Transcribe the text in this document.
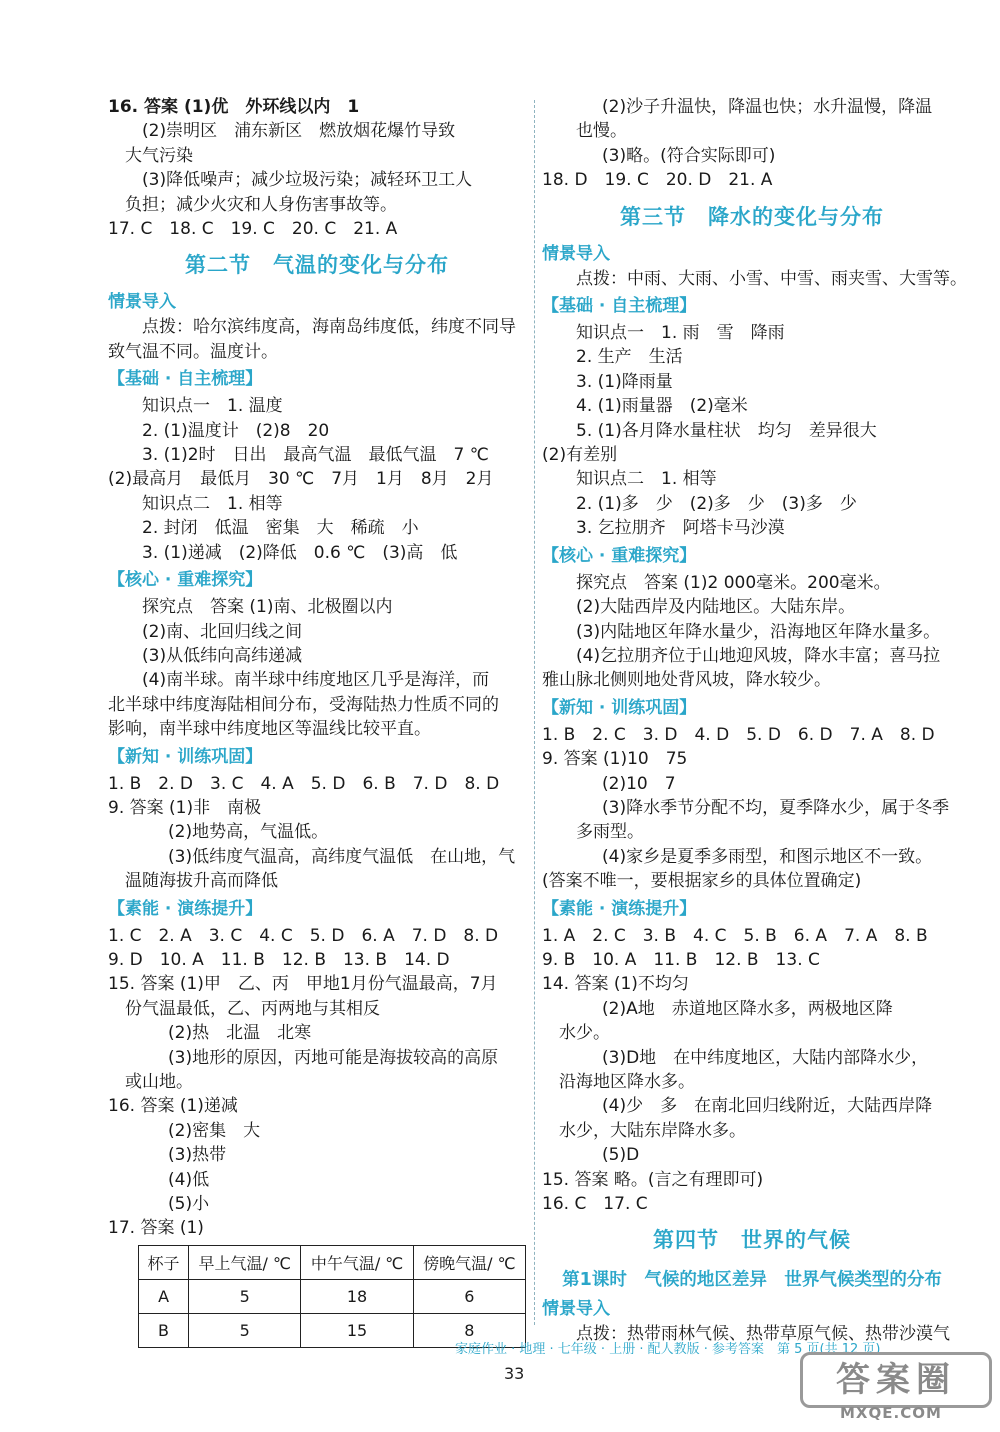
16. 答案 (1)优　外环线以内　1
(2)崇明区　浦东新区　燃放烟花爆竹导致
　大气污染
(3)降低噪声；减少垃圾污染；减轻环卫工人
　负担；减少火灾和人身伤害事故等。
17. C　18. C　19. C　20. C　21. A
第二节　气温的变化与分布
情景导入
点拨：哈尔滨纬度高，海南岛纬度低，纬度不同导
致气温不同。温度计。
【基础 · 自主梳理】
知识点一　1. 温度
2. (1)温度计　(2)8　20
3. (1)2时　日出　最高气温　最低气温　7 ℃
(2)最高月　最低月　30 ℃　7月　1月　8月　2月
知识点二　1. 相等
2. 封闭　低温　密集　大　稀疏　小
3. (1)递减　(2)降低　0.6 ℃　(3)高　低
【核心 · 重难探究】
探究点　答案 (1)南、北极圈以内
(2)南、北回归线之间
(3)从低纬向高纬递减
(4)南半球。南半球中纬度地区几乎是海洋，而
北半球中纬度海陆相间分布，受海陆热力性质不同的
影响，南半球中纬度地区等温线比较平直。
【新知 · 训练巩固】
1. B　2. D　3. C　4. A　5. D　6. B　7. D　8. D
9. 答案 (1)非　南极
(2)地势高，气温低。
(3)低纬度气温高，高纬度气温低　在山地，气
　温随海拔升高而降低
【素能 · 演练提升】
1. C　2. A　3. C　4. C　5. D　6. A　7. D　8. D
9. D　10. A　11. B　12. B　13. B　14. D
15. 答案 (1)甲　乙、丙　甲地1月份气温最高，7月
　份气温最低，乙、丙两地与其相反
(2)热　北温　北寒
(3)地形的原因，丙地可能是海拔较高的高原
　或山地。
16. 答案 (1)递减
(2)密集　大
(3)热带
(4)低
(5)小
17. 答案 (1)
杯子	早上气温/ ℃	中午气温/ ℃	傍晚气温/ ℃
A	5	18	6
B	5	15	8
(2)沙子升温快，降温也快；水升温慢，降温
　　也慢。
(3)略。(符合实际即可)
18. D　19. C　20. D　21. A
第三节　降水的变化与分布
情景导入
点拨：中雨、大雨、小雪、中雪、雨夹雪、大雪等。
【基础 · 自主梳理】
知识点一　1. 雨　雪　降雨
2. 生产　生活
3. (1)降雨量
4. (1)雨量器　(2)毫米
5. (1)各月降水量柱状　均匀　差异很大
(2)有差别
知识点二　1. 相等
2. (1)多　少　(2)多　少　(3)多　少
3. 乞拉朋齐　阿塔卡马沙漠
【核心 · 重难探究】
探究点　答案 (1)2 000毫米。200毫米。
(2)大陆西岸及内陆地区。大陆东岸。
(3)内陆地区年降水量少，沿海地区年降水量多。
(4)乞拉朋齐位于山地迎风坡，降水丰富；喜马拉
雅山脉北侧则地处背风坡，降水较少。
【新知 · 训练巩固】
1. B　2. C　3. D　4. D　5. D　6. D　7. A　8. D
9. 答案 (1)10　75
(2)10　7
(3)降水季节分配不均，夏季降水少，属于冬季
　　多雨型。
(4)家乡是夏季多雨型，和图示地区不一致。
(答案不唯一，要根据家乡的具体位置确定)
【素能 · 演练提升】
1. A　2. C　3. B　4. C　5. B　6. A　7. A　8. B
9. B　10. A　11. B　12. B　13. C
14. 答案 (1)不均匀
(2)A地　赤道地区降水多，两极地区降
　水少。
(3)D地　在中纬度地区，大陆内部降水少，
　沿海地区降水多。
(4)少　多　在南北回归线附近，大陆西岸降
　水少，大陆东岸降水多。
(5)D
15. 答案 略。(言之有理即可)
16. C　17. C
第四节　世界的气候
第1课时　气候的地区差异　世界气候类型的分布
情景导入
点拨：热带雨林气候、热带草原气候、热带沙漠气
家庭作业 · 地理 · 七年级 · 上册 · 配人教版 · 参考答案　第 5 页(共 12 页)
33	答案圈
MXQE.COM
